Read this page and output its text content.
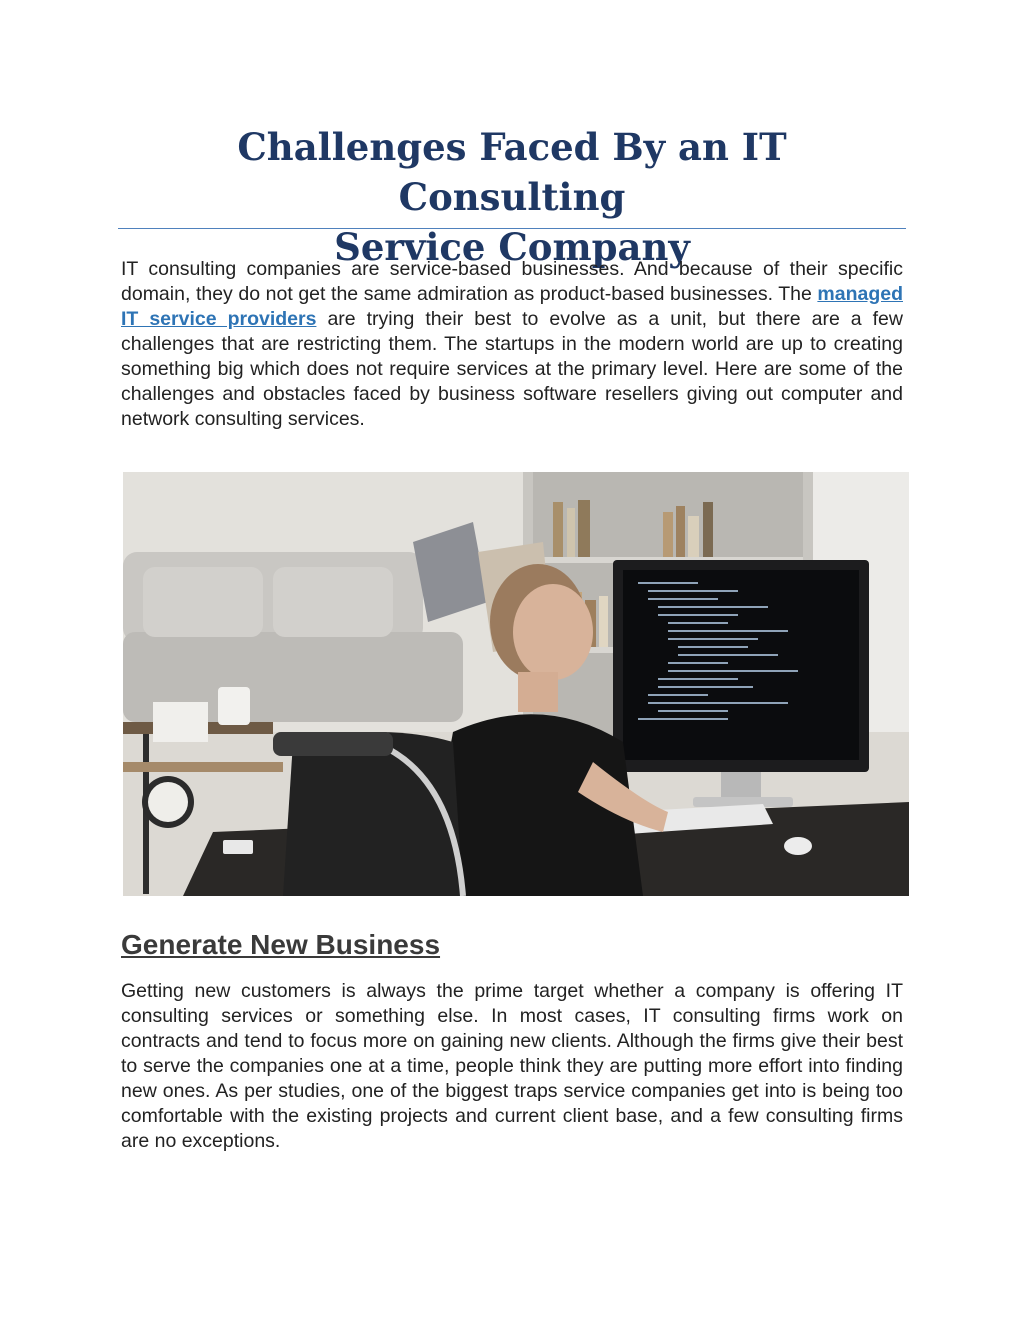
Challenges Faced By an IT Consulting
Service Company

IT consulting companies are service-based businesses. And because of their specific domain, they do not get the same admiration as product-based businesses. The managed IT service providers are trying their best to evolve as a unit, but there are a few challenges that are restricting them. The startups in the modern world are up to creating something big which does not require services at the primary level. Here are some of the challenges and obstacles faced by business software resellers giving out computer and network consulting services.

Generate New Business

Getting new customers is always the prime target whether a company is offering IT consulting services or something else. In most cases, IT consulting firms work on contracts and tend to focus more on gaining new clients. Although the firms give their best to serve the companies one at a time, people think they are putting more effort into finding new ones. As per studies, one of the biggest traps service companies get into is being too comfortable with the existing projects and current client base, and a few consulting firms are no exceptions.
